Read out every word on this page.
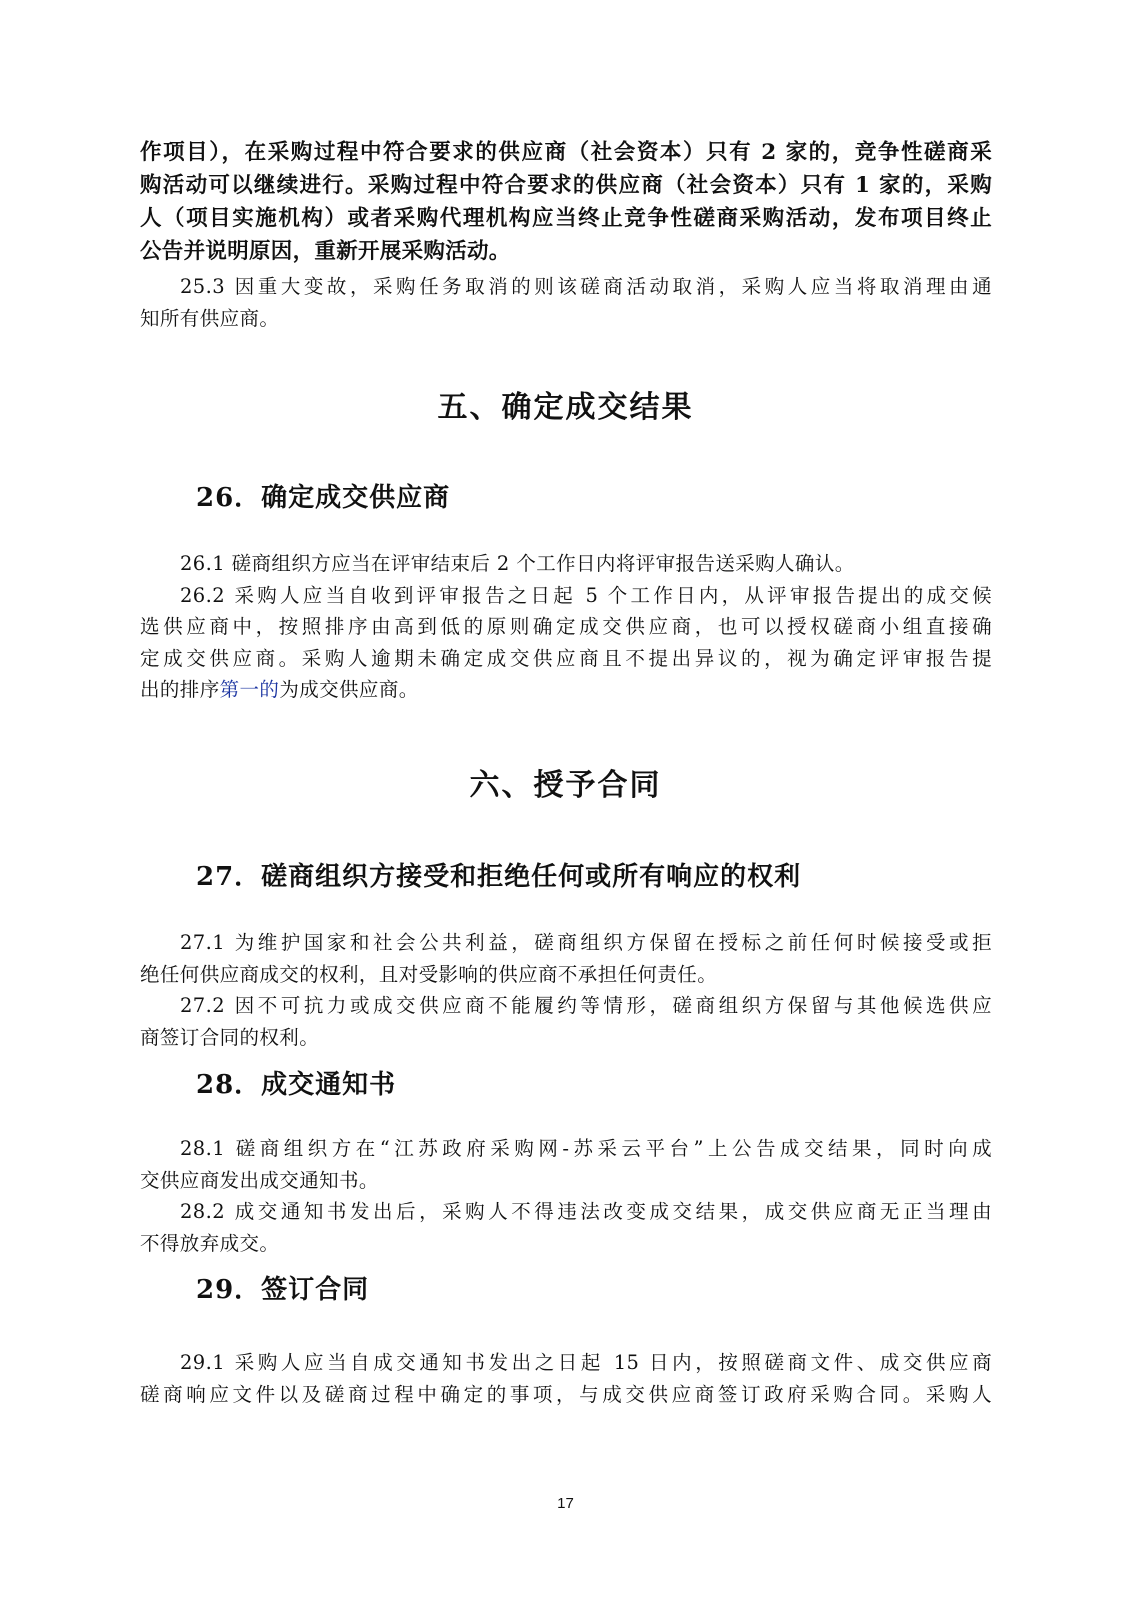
作项目），在采购过程中符合要求的供应商（社会资本）只有 2 家的，竞争性磋商采

购活动可以继续进行。采购过程中符合要求的供应商（社会资本）只有 1 家的，采购

人（项目实施机构）或者采购代理机构应当终止竞争性磋商采购活动，发布项目终止

公告并说明原因，重新开展采购活动。

25.3 因重大变故，采购任务取消的则该磋商活动取消，采购人应当将取消理由通

知所有供应商。

五、确定成交结果
26．确定成交供应商

26.1 磋商组织方应当在评审结束后 2 个工作日内将评审报告送采购人确认。

26.2 采购人应当自收到评审报告之日起 5 个工作日内，从评审报告提出的成交候

选供应商中，按照排序由高到低的原则确定成交供应商，也可以授权磋商小组直接确

定成交供应商。采购人逾期未确定成交供应商且不提出异议的，视为确定评审报告提

出的排序第一的为成交供应商。

六、授予合同
27．磋商组织方接受和拒绝任何或所有响应的权利

27.1 为维护国家和社会公共利益，磋商组织方保留在授标之前任何时候接受或拒

绝任何供应商成交的权利，且对受影响的供应商不承担任何责任。

27.2 因不可抗力或成交供应商不能履约等情形，磋商组织方保留与其他候选供应

商签订合同的权利。

28．成交通知书

28.1 磋商组织方在“江苏政府采购网-苏采云平台”上公告成交结果，同时向成

交供应商发出成交通知书。

28.2 成交通知书发出后，采购人不得违法改变成交结果，成交供应商无正当理由

不得放弃成交。

29．签订合同

29.1 采购人应当自成交通知书发出之日起 15 日内，按照磋商文件、成交供应商

磋商响应文件以及磋商过程中确定的事项，与成交供应商签订政府采购合同。采购人

17
